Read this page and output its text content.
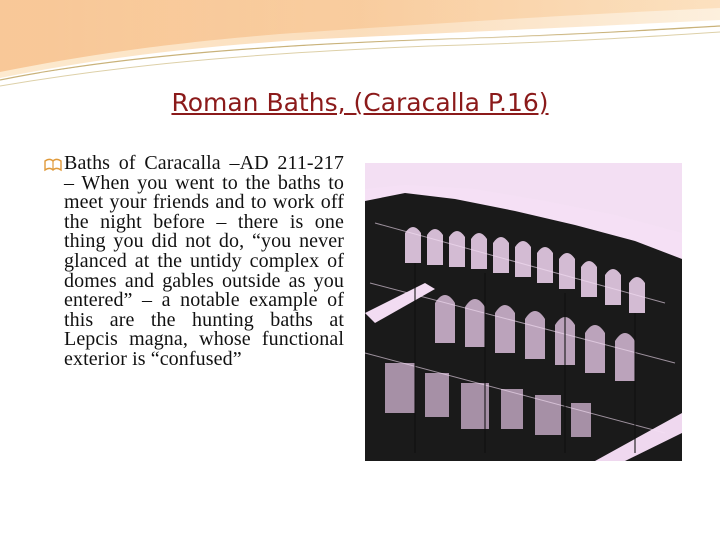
Roman Baths, (Caracalla P.16)
Baths of Caracalla –AD 211-217 – When you went to the baths to meet your friends and to work off the night before – there is one thing you did not do, “you never glanced at the untidy complex of domes and gables outside as you entered” – a notable example of this are the hunting baths at Lepcis magna, whose functional exterior is “confused”
